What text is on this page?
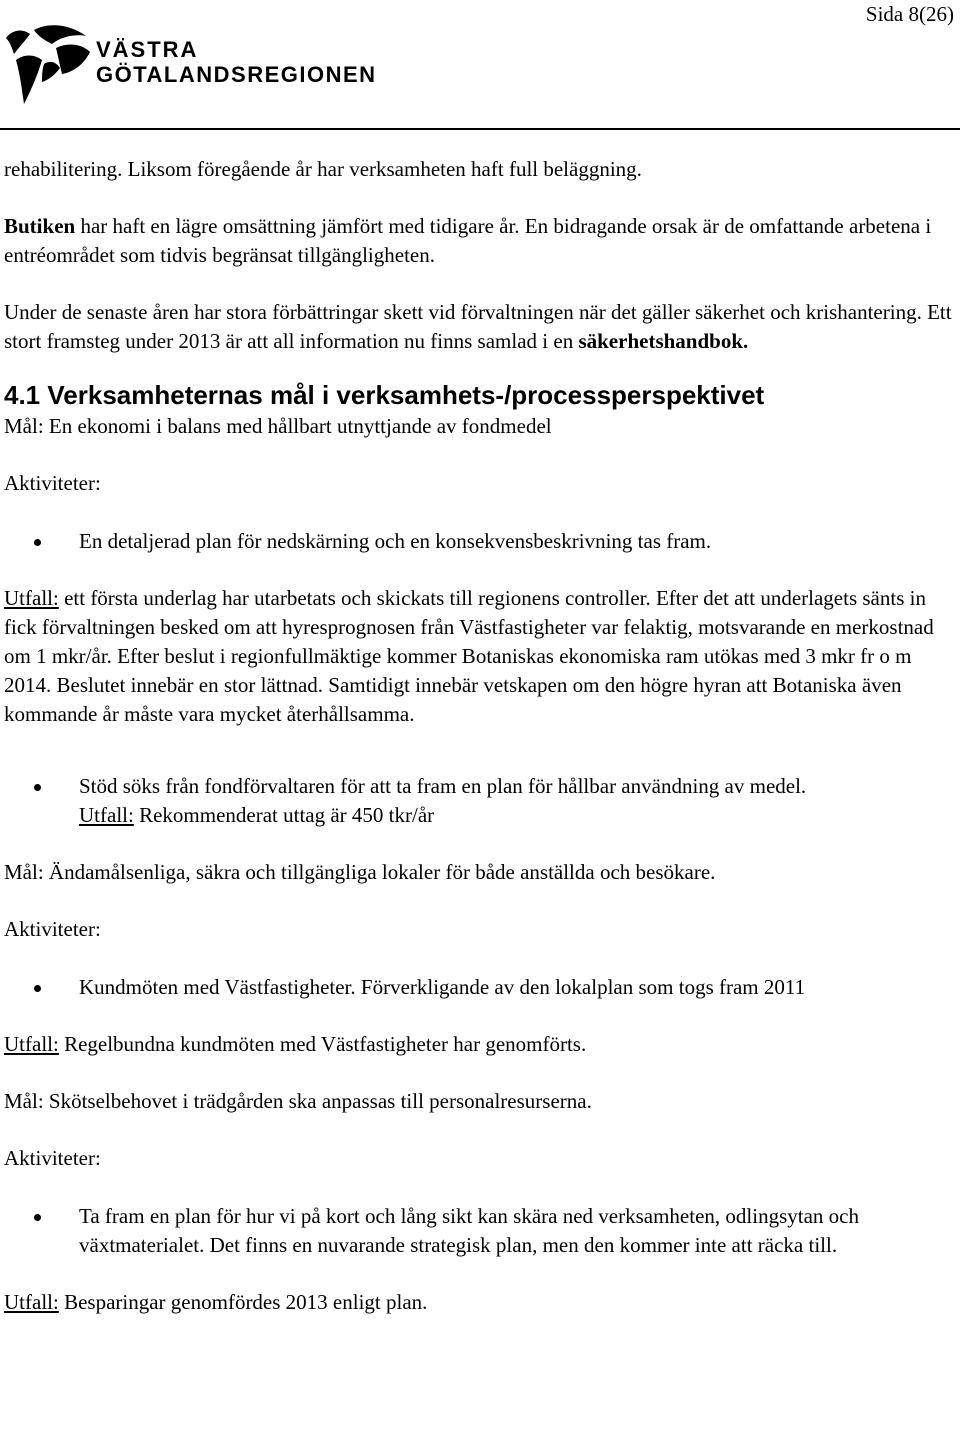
Sida 8(26)
VÄSTRA
GÖTALANDSREGIONEN

rehabilitering. Liksom föregående år har verksamheten haft full beläggning.

Butiken har haft en lägre omsättning jämfört med tidigare år. En bidragande orsak är de omfattande arbetena i entréområdet som tidvis begränsat tillgängligheten.

Under de senaste åren har stora förbättringar skett vid förvaltningen när det gäller säkerhet och krishantering. Ett stort framsteg under 2013 är att all information nu finns samlad i en säkerhetshandbok.

4.1 Verksamheternas mål i verksamhets-/processperspektivet

Mål: En ekonomi i balans med hållbart utnyttjande av fondmedel

Aktiviteter:

En detaljerad plan för nedskärning och en konsekvensbeskrivning tas fram.

Utfall: ett första underlag har utarbetats och skickats till regionens controller. Efter det att underlagets sänts in fick förvaltningen besked om att hyresprognosen från Västfastigheter var felaktig, motsvarande en merkostnad om 1 mkr/år. Efter beslut i regionfullmäktige kommer Botaniskas ekonomiska ram utökas med 3 mkr fr o m 2014. Beslutet innebär en stor lättnad. Samtidigt innebär vetskapen om den högre hyran att Botaniska även kommande år måste vara mycket återhållsamma.

Stöd söks från fondförvaltaren för att ta fram en plan för hållbar användning av medel.

Utfall: Rekommenderat uttag är 450 tkr/år

Mål: Ändamålsenliga, säkra och tillgängliga lokaler för både anställda och besökare.

Aktiviteter:

Kundmöten med Västfastigheter. Förverkligande av den lokalplan som togs fram 2011

Utfall: Regelbundna kundmöten med Västfastigheter har genomförts.

Mål: Skötselbehovet i trädgården ska anpassas till personalresurserna.

Aktiviteter:

Ta fram en plan för hur vi på kort och lång sikt kan skära ned verksamheten, odlingsytan och växtmaterialet. Det finns en nuvarande strategisk plan, men den kommer inte att räcka till.

Utfall: Besparingar genomfördes 2013 enligt plan.
